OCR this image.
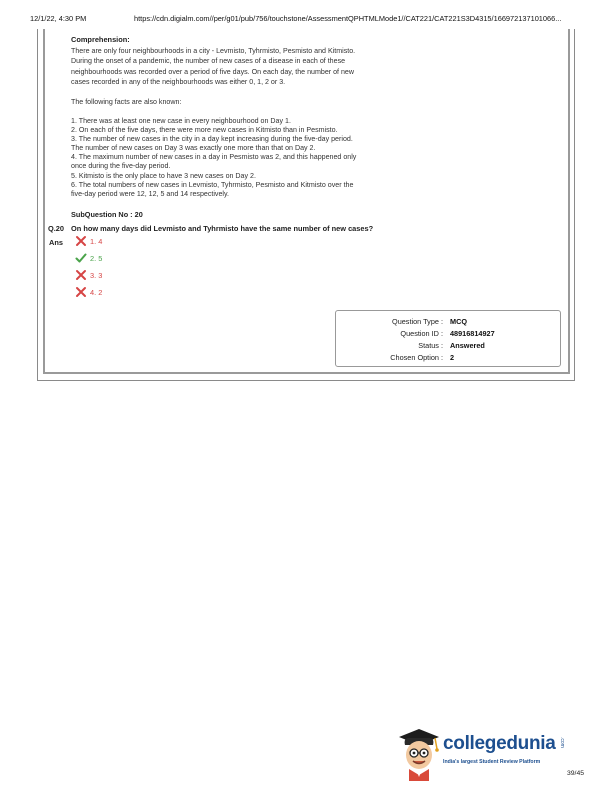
12/1/22, 4:30 PM	https://cdn.digialm.com//per/g01/pub/756/touchstone/AssessmentQPHTMLMode1//CAT221/CAT221S3D4315/166972137101066...
Comprehension:
There are only four neighbourhoods in a city - Levmisto, Tyhrmisto, Pesmisto and Kitmisto.
During the onset of a pandemic, the number of new cases of a disease in each of these
neighbourhoods was recorded over a period of five days. On each day, the number of new
cases recorded in any of the neighbourhoods was either 0, 1, 2 or 3.
The following facts are also known:
1. There was at least one new case in every neighbourhood on Day 1.
2. On each of the five days, there were more new cases in Kitmisto than in Pesmisto.
3. The number of new cases in the city in a day kept increasing during the five-day period.
The number of new cases on Day 3 was exactly one more than that on Day 2.
4. The maximum number of new cases in a day in Pesmisto was 2, and this happened only
once during the five-day period.
5. Kitmisto is the only place to have 3 new cases on Day 2.
6. The total numbers of new cases in Levmisto, Tyhrmisto, Pesmisto and Kitmisto over the
five-day period were 12, 12, 5 and 14 respectively.
SubQuestion No : 20
Q.20 On how many days did Levmisto and Tyhrmisto have the same number of new cases?
Ans	1. 4
2. 5
3. 3
4. 2
Question Type : MCQ
Question ID : 48916814927
Status : Answered
Chosen Option : 2
collegedunia .com
India's largest Student Review Platform
39/45
